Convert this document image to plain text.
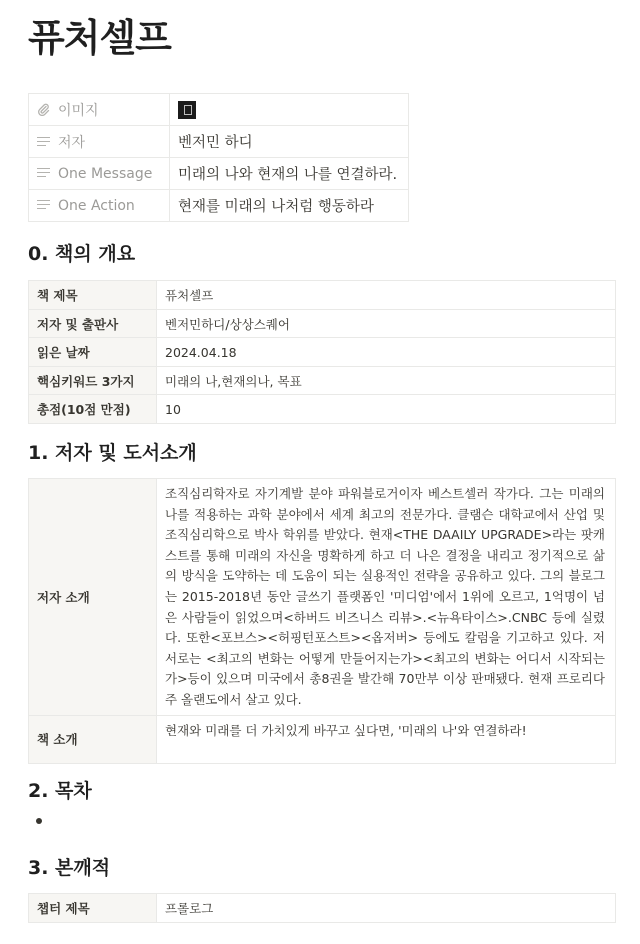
퓨처셀프
이미지	

저자	벤저민 하디

One Message	미래의 나와 현재의 나를 연결하라.

One Action	현재를 미래의 나처럼 행동하라
0. 책의 개요
책 제목	퓨처셀프
저자 및 출판사	벤저민하디/상상스퀘어
읽은 날짜	2024.04.18
핵심키워드 3가지	미래의 나,현재의나, 목표
총점(10점 만점)	10
1. 저자 및 도서소개
저자 소개	조직심리학자로 자기계발 분야 파워블로거이자 베스트셀러 작가다. 그는 미래의 나를 적용하는 과학 분야에서 세계 최고의 전문가다. 클램슨 대학교에서 산업 및 조직심리학으로 박사 학위를 받았다. 현재<THE DAAILY UPGRADE>라는 팟캐스트를 통해 미래의 자신을 명확하게 하고 더 나은 결정을 내리고 정기적으로 삶의 방식을 도약하는 데 도움이 되는 실용적인 전략을 공유하고 있다. 그의 블로그는 2015-2018년 동안 글쓰기 플랫폼인 '미디엄'에서 1위에 오르고, 1억명이 넘은 사람들이 읽었으며<하버드 비즈니스 리뷰>.<뉴욕타이스>.CNBC 등에 실렸다. 또한<포브스><허핑턴포스트><옵저버> 등에도 칼럼을 기고하고 있다. 저서로는 <최고의 변화는 어떻게 만들어지는가><최고의 변화는 어디서 시작되는가>등이 있으며 미국에서 총8권을 발간해 70만부 이상 판매됐다. 현재 프로리다주 올랜도에서 살고 있다.
책 소개	현재와 미래를 더 가치있게 바꾸고 싶다면, '미래의 나'와 연결하라!
2. 목차
3. 본깨적
챕터 제목	프롤로그
